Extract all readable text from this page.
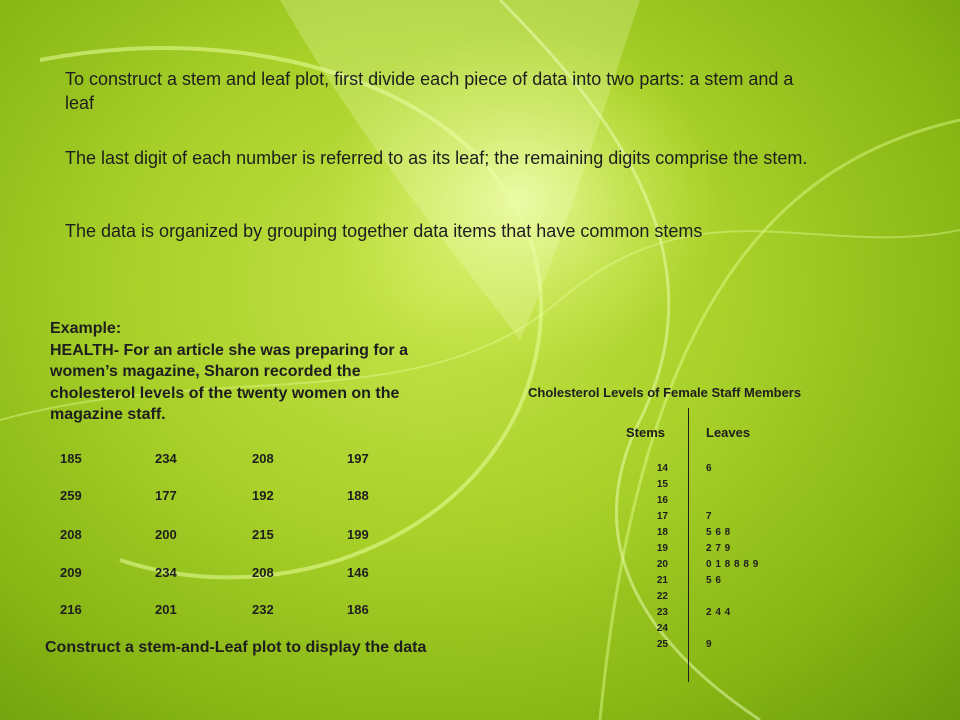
To construct a stem and leaf plot, first divide each piece of data into two parts: a stem and a leaf

The last digit of each number is referred to as its leaf; the remaining digits comprise the stem.

The data is organized by grouping together data items that have common stems

Example:
HEALTH- For an article she was preparing for a women’s magazine, Sharon recorded the cholesterol levels of the twenty women on the magazine staff.
185	234	208	197
259	177	192	188
208	200	215	199
209	234	208	146
216	201	232	186

Construct a stem-and-Leaf plot to display the data

Cholesterol Levels of Female Staff Members
Stems	Leaves
14	6
15
16
17	7
18	5 6 8
19	2 7 9
20	0 1 8 8 8 9
21	5 6
22
23	2 4 4
24
25	9
